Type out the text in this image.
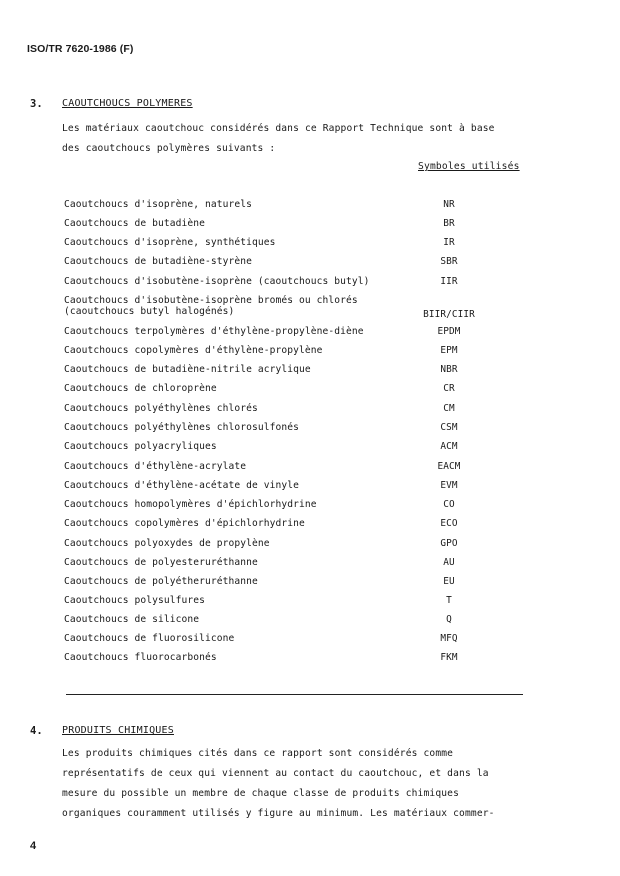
ISO/TR 7620-1986 (F)
3. CAOUTCHOUCS POLYMERES
Les matériaux caoutchouc considérés dans ce Rapport Technique sont à base
des caoutchoucs polymères suivants :
Symboles utilisés
Caoutchoucs d'isoprène, naturels	NR
Caoutchoucs de butadiène	BR
Caoutchoucs d'isoprène, synthétiques	IR
Caoutchoucs de butadiène-styrène	SBR
Caoutchoucs d'isobutène-isoprène (caoutchoucs butyl)	IIR
Caoutchoucs d'isobutène-isoprène bromés ou chlorés
(caoutchoucs butyl halogénés)	BIIR/CIIR
Caoutchoucs terpolymères d'éthylène-propylène-diène	EPDM
Caoutchoucs copolymères d'éthylène-propylène	EPM
Caoutchoucs de butadiène-nitrile acrylique	NBR
Caoutchoucs de chloroprène	CR
Caoutchoucs polyéthylènes chlorés	CM
Caoutchoucs polyéthylènes chlorosulfonés	CSM
Caoutchoucs polyacryliques	ACM
Caoutchoucs d'éthylène-acrylate	EACM
Caoutchoucs d'éthylène-acétate de vinyle	EVM
Caoutchoucs homopolymères d'épichlorhydrine	CO
Caoutchoucs copolymères d'épichlorhydrine	ECO
Caoutchoucs polyoxydes de propylène	GPO
Caoutchoucs de polyesteruréthanne	AU
Caoutchoucs de polyétheruréthanne	EU
Caoutchoucs polysulfures	T
Caoutchoucs de silicone	Q
Caoutchoucs de fluorosilicone	MFQ
Caoutchoucs fluorocarbonés	FKM
4. PRODUITS CHIMIQUES
Les produits chimiques cités dans ce rapport sont considérés comme
représentatifs de ceux qui viennent au contact du caoutchouc, et dans la
mesure du possible un membre de chaque classe de produits chimiques
organiques couramment utilisés y figure au minimum. Les matériaux commer-
4
